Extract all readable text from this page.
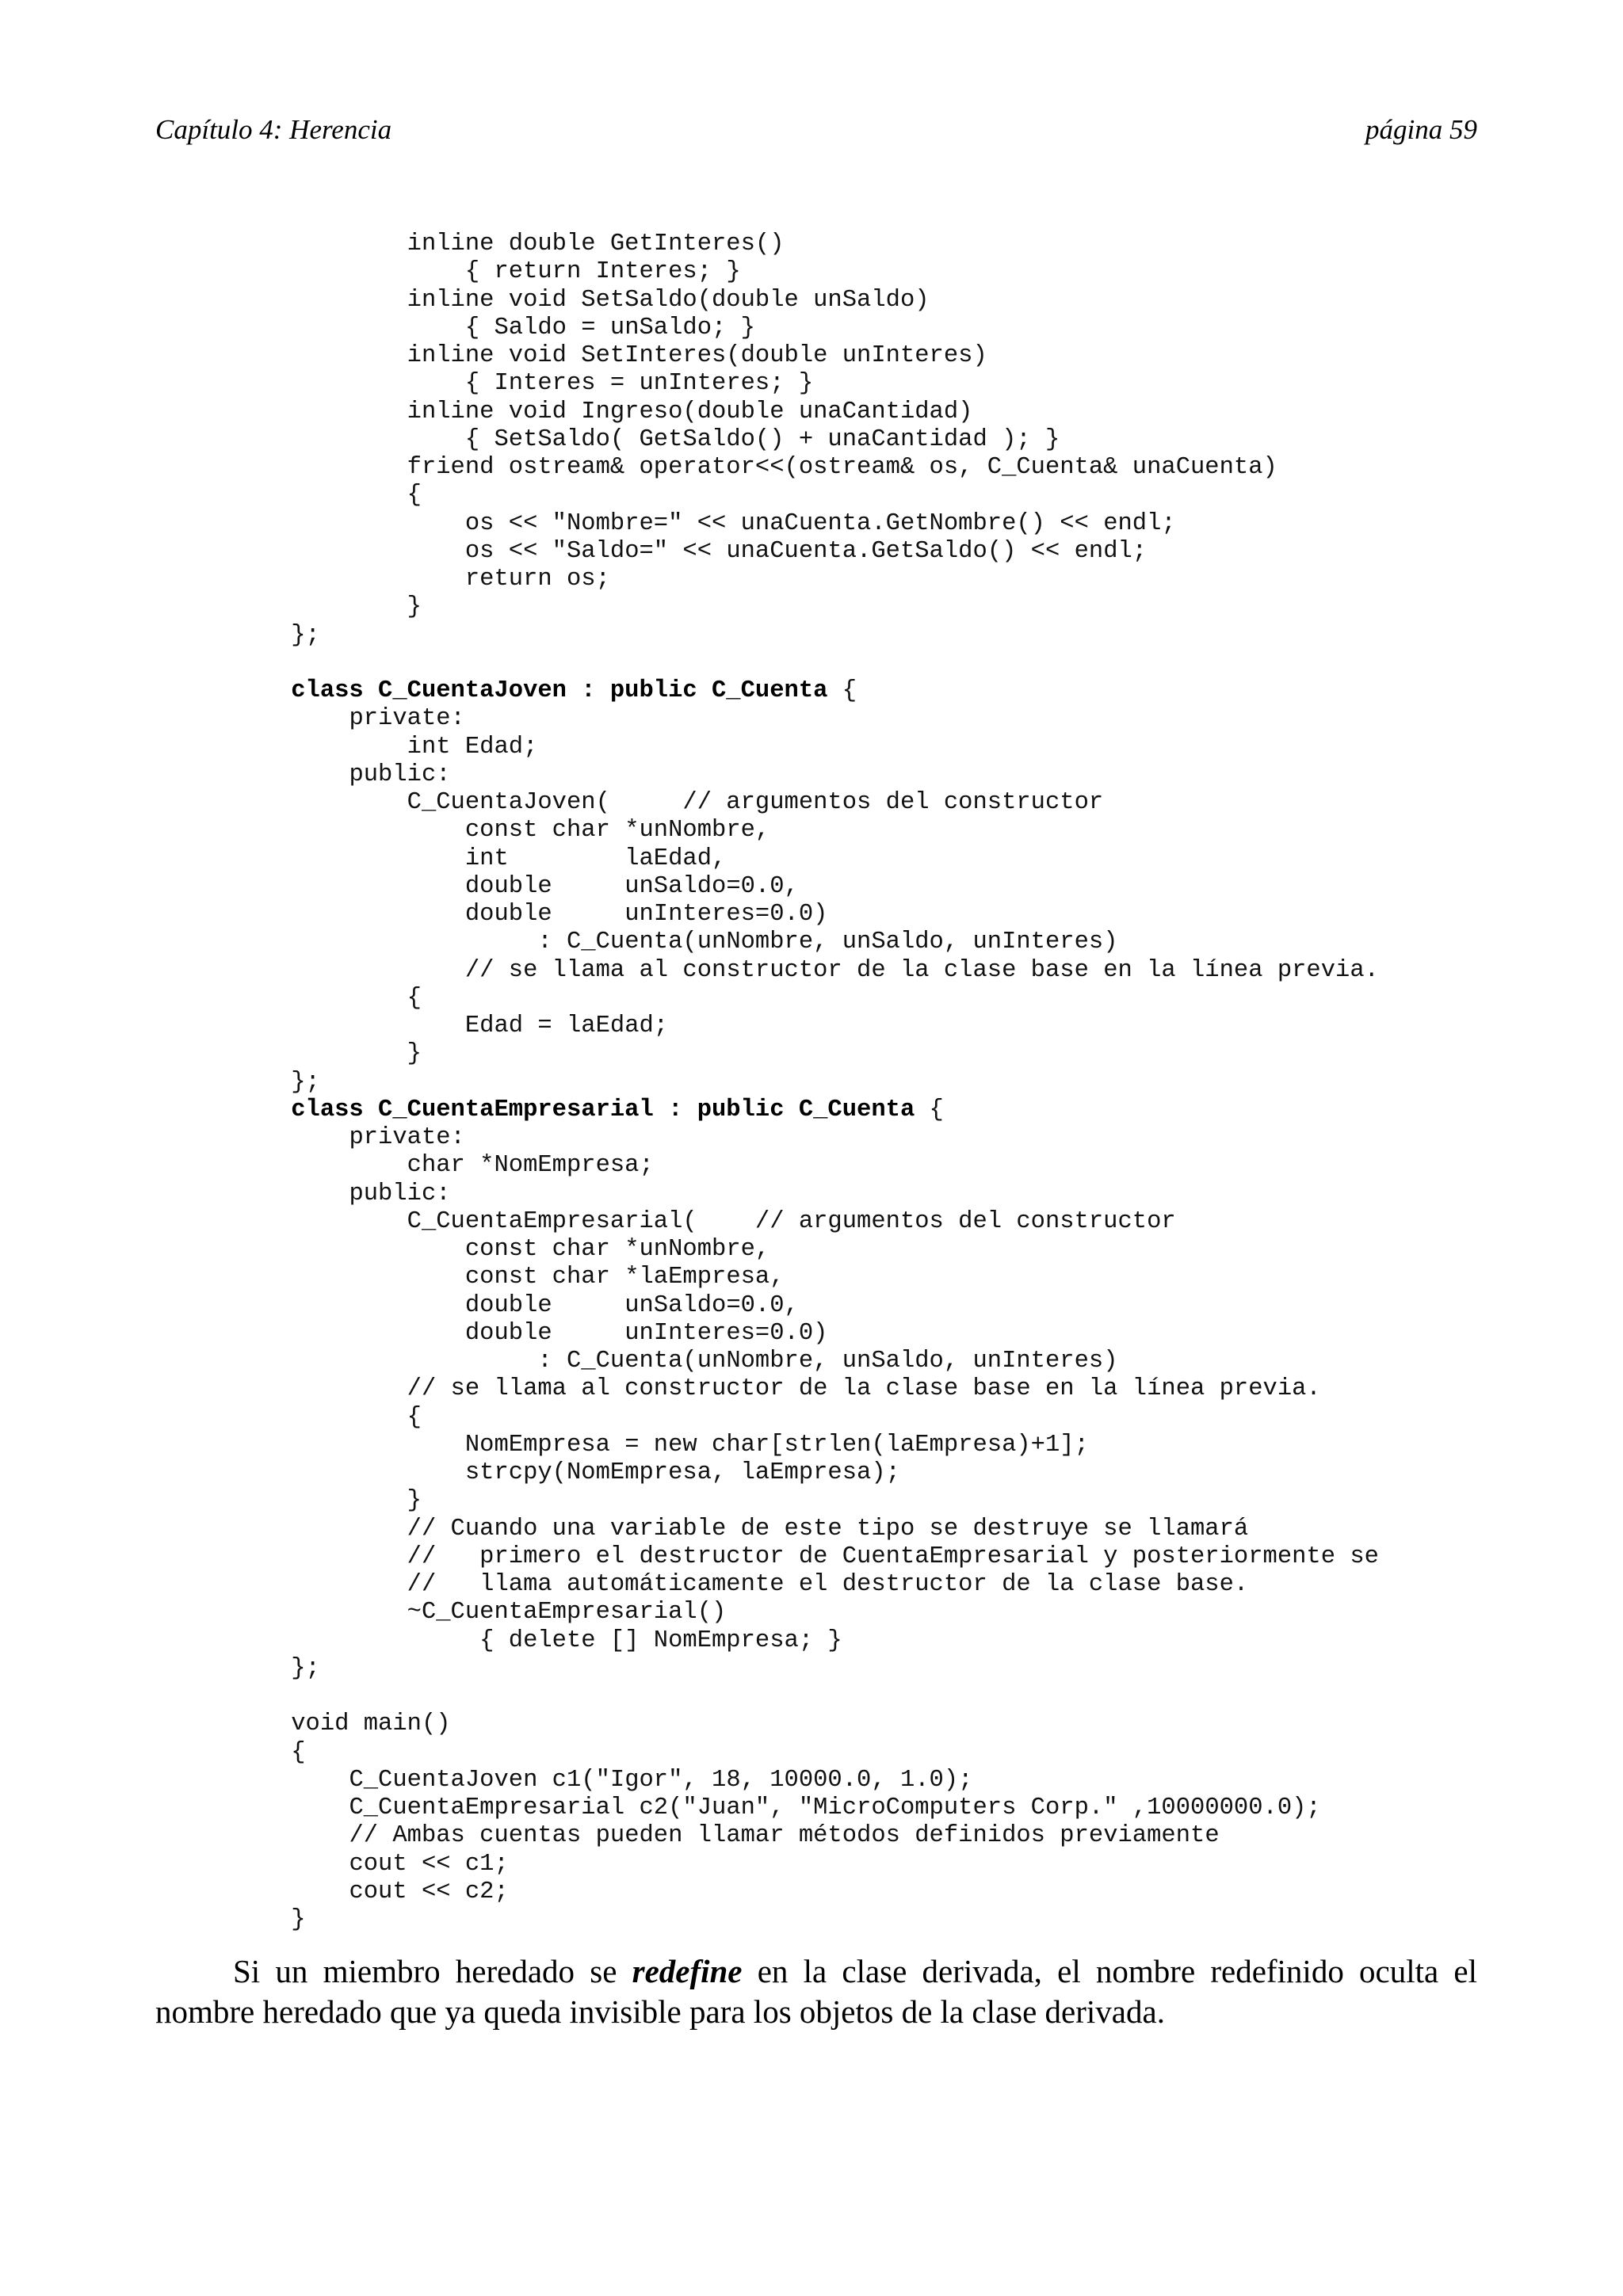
Capítulo 4: Herencia	página 59
inline double GetInteres()
{ return Interes; }
inline void SetSaldo(double unSaldo)
{ Saldo = unSaldo; }
inline void SetInteres(double unInteres)
{ Interes = unInteres; }
inline void Ingreso(double unaCantidad)
{ SetSaldo( GetSaldo() + unaCantidad ); }
friend ostream& operator<<(ostream& os, C_Cuenta& unaCuenta)
{
os << "Nombre=" << unaCuenta.GetNombre() << endl;
os << "Saldo=" << unaCuenta.GetSaldo() << endl;
return os;
}
};
class C_CuentaJoven : public C_Cuenta {
private:
int Edad;
public:
C_CuentaJoven(     // argumentos del constructor
const char *unNombre,
int        laEdad,
double     unSaldo=0.0,
double     unInteres=0.0)
: C_Cuenta(unNombre, unSaldo, unInteres)
// se llama al constructor de la clase base en la línea previa.
{
Edad = laEdad;
}
};
class C_CuentaEmpresarial : public C_Cuenta {
private:
char *NomEmpresa;
public:
C_CuentaEmpresarial(    // argumentos del constructor
const char *unNombre,
const char *laEmpresa,
double     unSaldo=0.0,
double     unInteres=0.0)
: C_Cuenta(unNombre, unSaldo, unInteres)
// se llama al constructor de la clase base en la línea previa.
{
NomEmpresa = new char[strlen(laEmpresa)+1];
strcpy(NomEmpresa, laEmpresa);
}
// Cuando una variable de este tipo se destruye se llamará
//   primero el destructor de CuentaEmpresarial y posteriormente se
//   llama automáticamente el destructor de la clase base.
~C_CuentaEmpresarial()
{ delete [] NomEmpresa; }
};
void main()
{
C_CuentaJoven c1("Igor", 18, 10000.0, 1.0);
C_CuentaEmpresarial c2("Juan", "MicroComputers Corp." ,10000000.0);
// Ambas cuentas pueden llamar métodos definidos previamente
cout << c1;
cout << c2;
}

Si un miembro heredado se redefine en la clase derivada, el nombre redefinido oculta el nombre heredado que ya queda invisible para los objetos de la clase derivada.
